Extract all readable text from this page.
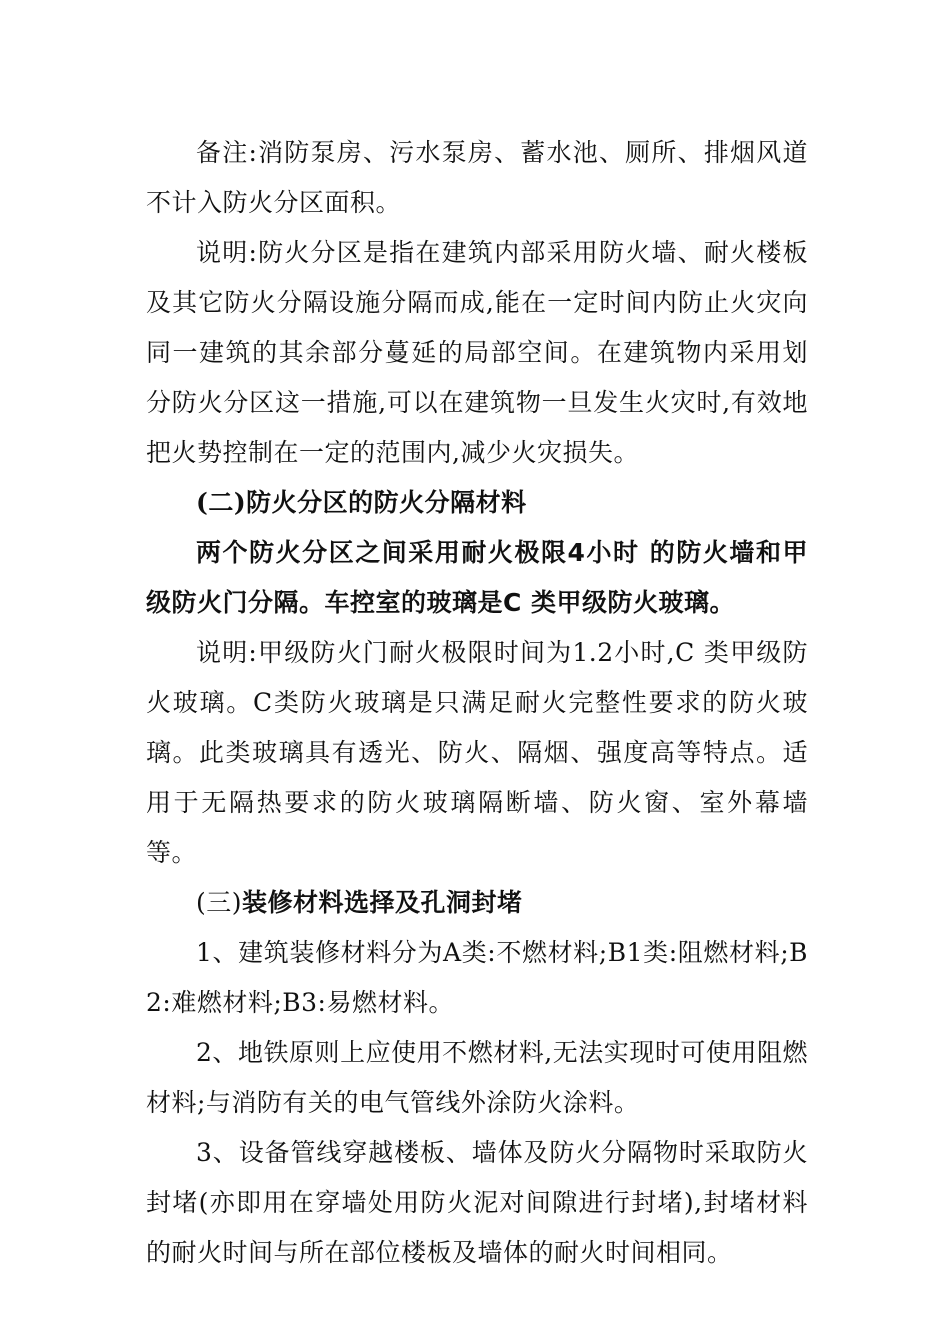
备注:消防泵房、污水泵房、蓄水池、厕所、排烟风道不计入防火分区面积。

说明:防火分区是指在建筑内部采用防火墙、耐火楼板及其它防火分隔设施分隔而成,能在一定时间内防止火灾向同一建筑的其余部分蔓延的局部空间。在建筑物内采用划分防火分区这一措施,可以在建筑物一旦发生火灾时,有效地把火势控制在一定的范围内,减少火灾损失。

(二)防火分区的防火分隔材料

两个防火分区之间采用耐火极限4小时 的防火墙和甲级防火门分隔。车控室的玻璃是C 类甲级防火玻璃。

说明:甲级防火门耐火极限时间为1.2小时,C 类甲级防火玻璃。C类防火玻璃是只满足耐火完整性要求的防火玻璃。此类玻璃具有透光、防火、隔烟、强度高等特点。适用于无隔热要求的防火玻璃隔断墙、防火窗、室外幕墙等。

(三)装修材料选择及孔洞封堵

1、建筑装修材料分为A类:不燃材料;B1类:阻燃材料;B2:难燃材料;B3:易燃材料。

2、地铁原则上应使用不燃材料,无法实现时可使用阻燃材料;与消防有关的电气管线外涂防火涂料。

3、设备管线穿越楼板、墙体及防火分隔物时采取防火封堵(亦即用在穿墙处用防火泥对间隙进行封堵),封堵材料的耐火时间与所在部位楼板及墙体的耐火时间相同。
